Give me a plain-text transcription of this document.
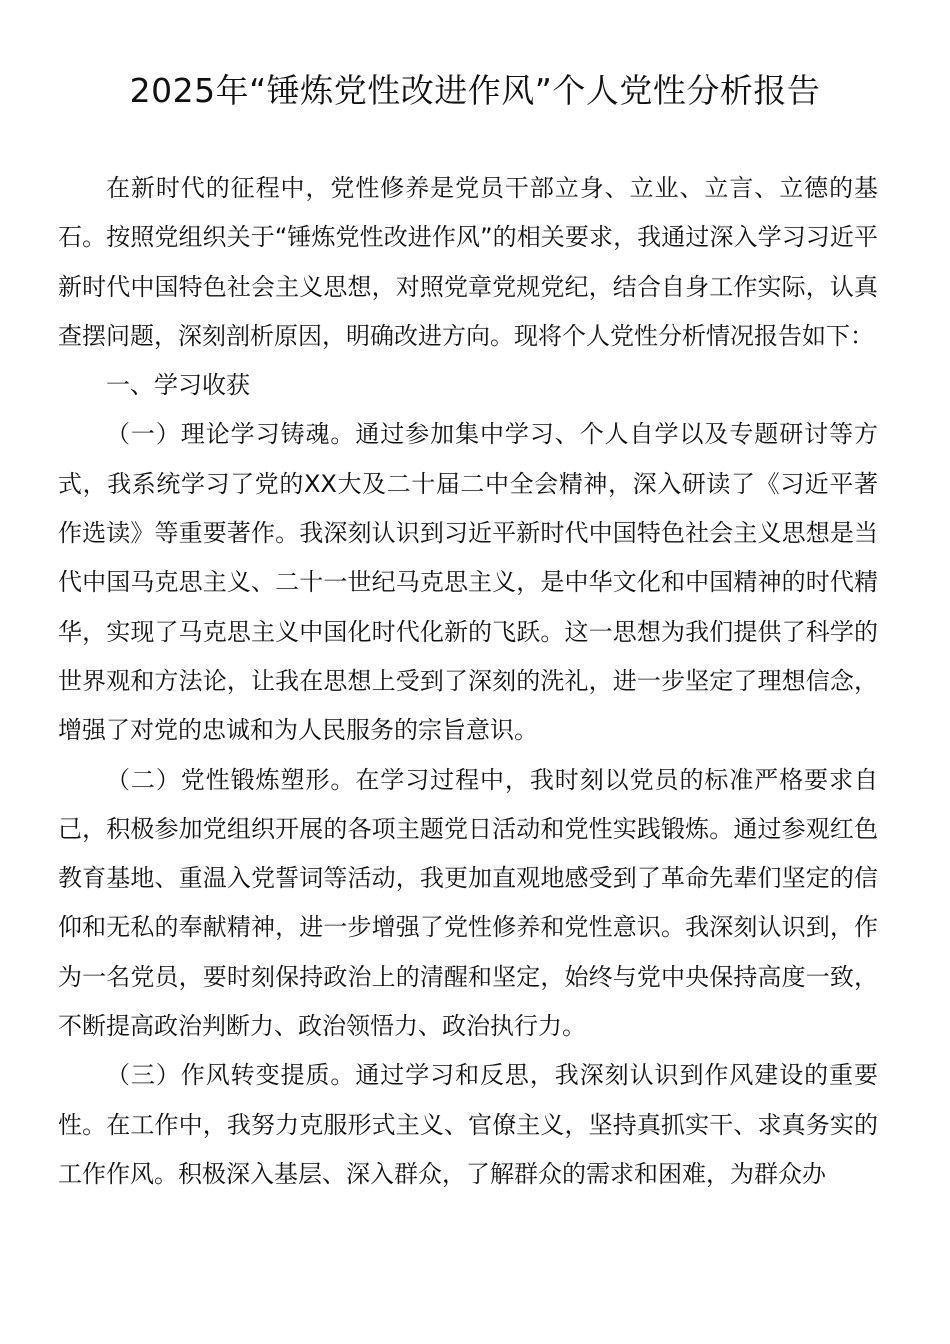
2025年“锤炼党性改进作风”个人党性分析报告

在新时代的征程中，党性修养是党员干部立身、立业、立言、立德的基石。按照党组织关于“锤炼党性改进作风”的相关要求，我通过深入学习习近平新时代中国特色社会主义思想，对照党章党规党纪，结合自身工作实际，认真查摆问题，深刻剖析原因，明确改进方向。现将个人党性分析情况报告如下：

一、学习收获

（一）理论学习铸魂。通过参加集中学习、个人自学以及专题研讨等方式，我系统学习了党的XX大及二十届二中全会精神，深入研读了《习近平著作选读》等重要著作。我深刻认识到习近平新时代中国特色社会主义思想是当代中国马克思主义、二十一世纪马克思主义，是中华文化和中国精神的时代精华，实现了马克思主义中国化时代化新的飞跃。这一思想为我们提供了科学的世界观和方法论，让我在思想上受到了深刻的洗礼，进一步坚定了理想信念，增强了对党的忠诚和为人民服务的宗旨意识。

（二）党性锻炼塑形。在学习过程中，我时刻以党员的标准严格要求自己，积极参加党组织开展的各项主题党日活动和党性实践锻炼。通过参观红色教育基地、重温入党誓词等活动，我更加直观地感受到了革命先辈们坚定的信仰和无私的奉献精神，进一步增强了党性修养和党性意识。我深刻认识到，作为一名党员，要时刻保持政治上的清醒和坚定，始终与党中央保持高度一致，不断提高政治判断力、政治领悟力、政治执行力。

（三）作风转变提质。通过学习和反思，我深刻认识到作风建设的重要性。在工作中，我努力克服形式主义、官僚主义，坚持真抓实干、求真务实的工作作风。积极深入基层、深入群众，了解群众的需求和困难，为群众办
